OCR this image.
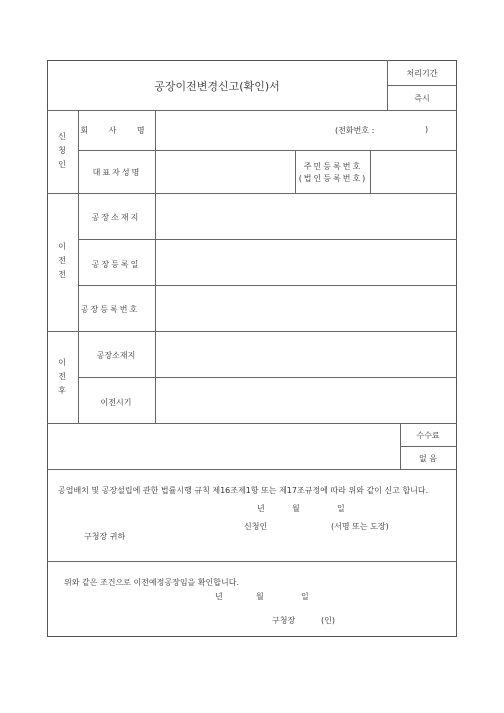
공장이전변경신고(확인)서
처리기간
즉시
신
청
인
회 사 명	(전화번호 :	)
대표자성명
주민등록번호
(법인등록번호)
이
전
전
공장소재지
공장등록일
공장등록번호
이
전
후
공장소재지
이전시기
수수료
없 음
공업배치 및 공장설립에 관한 법률시행 규칙 제16조제1항 또는 제17조규정에 따라 위와 같이 신고 합니다.
년	월	일
신청인	(서명 또는 도장)
구청장 귀하
위와 같은 조건으로 이전예정공장임을 확인합니다.
년	월	일
구청장	(인)
